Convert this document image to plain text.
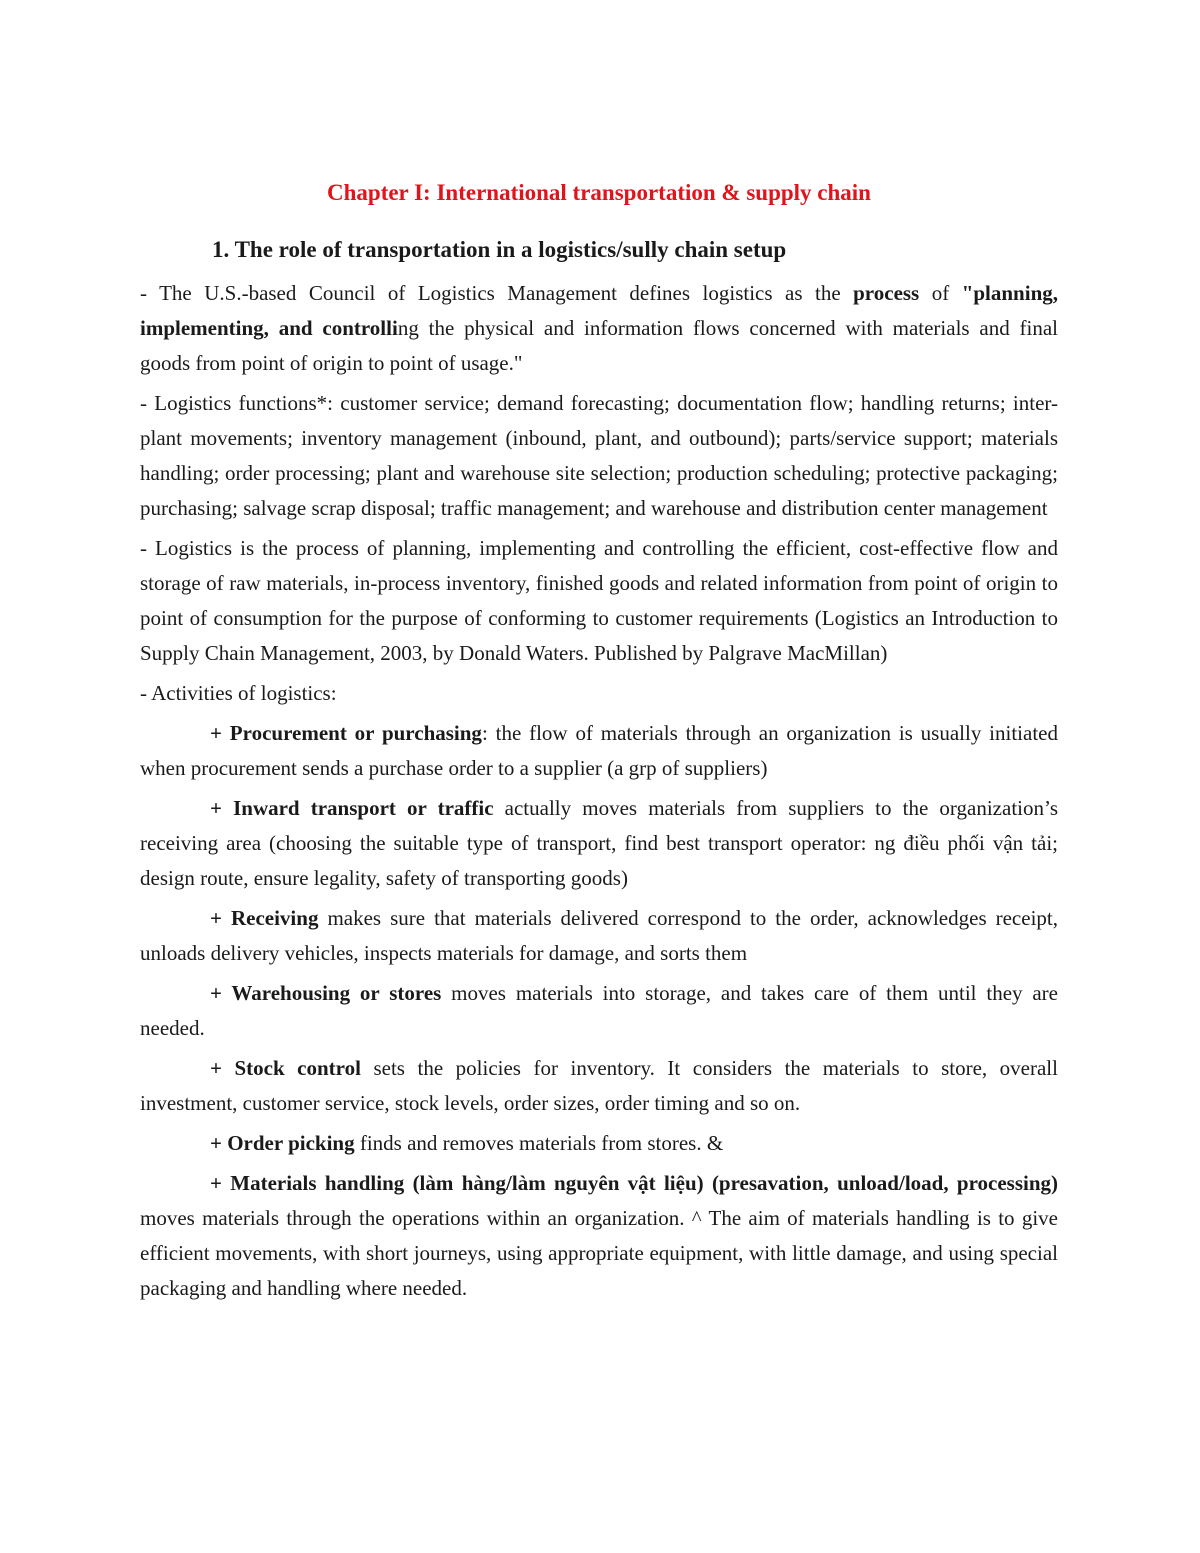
Chapter I: International transportation & supply chain
1. The role of transportation in a logistics/sully chain setup

- The U.S.-based Council of Logistics Management defines logistics as the process of "planning, implementing, and controlling the physical and information flows concerned with materials and final goods from point of origin to point of usage."

- Logistics functions*: customer service; demand forecasting; documentation flow; handling returns; inter-plant movements; inventory management (inbound, plant, and outbound); parts/service support; materials handling; order processing; plant and warehouse site selection; production scheduling; protective packaging; purchasing; salvage scrap disposal; traffic management; and warehouse and distribution center management

- Logistics is the process of planning, implementing and controlling the efficient, cost-effective flow and storage of raw materials, in-process inventory, finished goods and related information from point of origin to point of consumption for the purpose of conforming to customer requirements (Logistics an Introduction to Supply Chain Management, 2003, by Donald Waters. Published by Palgrave MacMillan)

- Activities of logistics:

+ Procurement or purchasing: the flow of materials through an organization is usually initiated when procurement sends a purchase order to a supplier (a grp of suppliers)

+ Inward transport or traffic actually moves materials from suppliers to the organization’s receiving area (choosing the suitable type of transport, find best transport operator: ng điều phối vận tải; design route, ensure legality, safety of transporting goods)

+ Receiving makes sure that materials delivered correspond to the order, acknowledges receipt, unloads delivery vehicles, inspects materials for damage, and sorts them

+ Warehousing or stores moves materials into storage, and takes care of them until they are needed.

+ Stock control sets the policies for inventory. It considers the materials to store, overall investment, customer service, stock levels, order sizes, order timing and so on.

+ Order picking finds and removes materials from stores. &

+ Materials handling (làm hàng/làm nguyên vật liệu) (presavation, unload/load, processing) moves materials through the operations within an organization. ^ The aim of materials handling is to give efficient movements, with short journeys, using appropriate equipment, with little damage, and using special packaging and handling where needed.
